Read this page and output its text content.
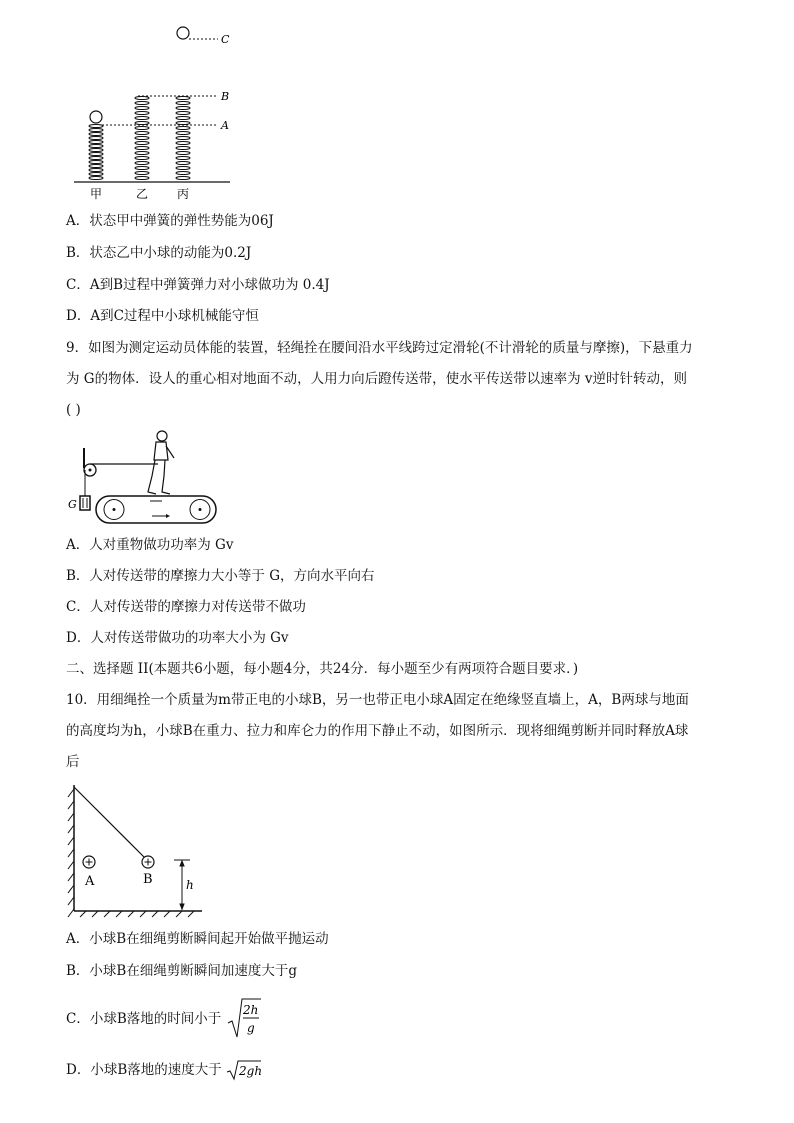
C
B
A
甲	乙 丙
A．状态甲中弹簧的弹性势能为06J
B．状态乙中小球的动能为0.2J
C．A到B过程中弹簧弹力对小球做功为 0.4J
D．A到C过程中小球机械能守恒
9．如图为测定运动员体能的装置，轻绳拴在腰间沿水平线跨过定滑轮(不计滑轮的质量与摩擦)，下悬重力
为 G的物体．设人的重心相对地面不动，人用力向后蹬传送带，使水平传送带以速率为 v逆时针转动，则
( )
G
A．人对重物做功功率为 Gv
B．人对传送带的摩擦力大小等于 G，方向水平向右
C．人对传送带的摩擦力对传送带不做功
D．人对传送带做功的功率大小为 Gv
二、选择题 II(本题共6小题，每小题4分，共24分．每小题至少有两项符合题目要求．)
10．用细绳拴一个质量为m带正电的小球B，另一也带正电小球A固定在绝缘竖直墙上，A，B两球与地面
的高度均为h，小球B在重力、拉力和库仑力的作用下静止不动，如图所示．现将细绳剪断并同时释放A球
后
A	B	h
A．小球B在细绳剪断瞬间起开始做平抛运动
B．小球B在细绳剪断瞬间加速度大于g
C．小球B落地的时间小于
2h
g
D．小球B落地的速度大于 2gh
